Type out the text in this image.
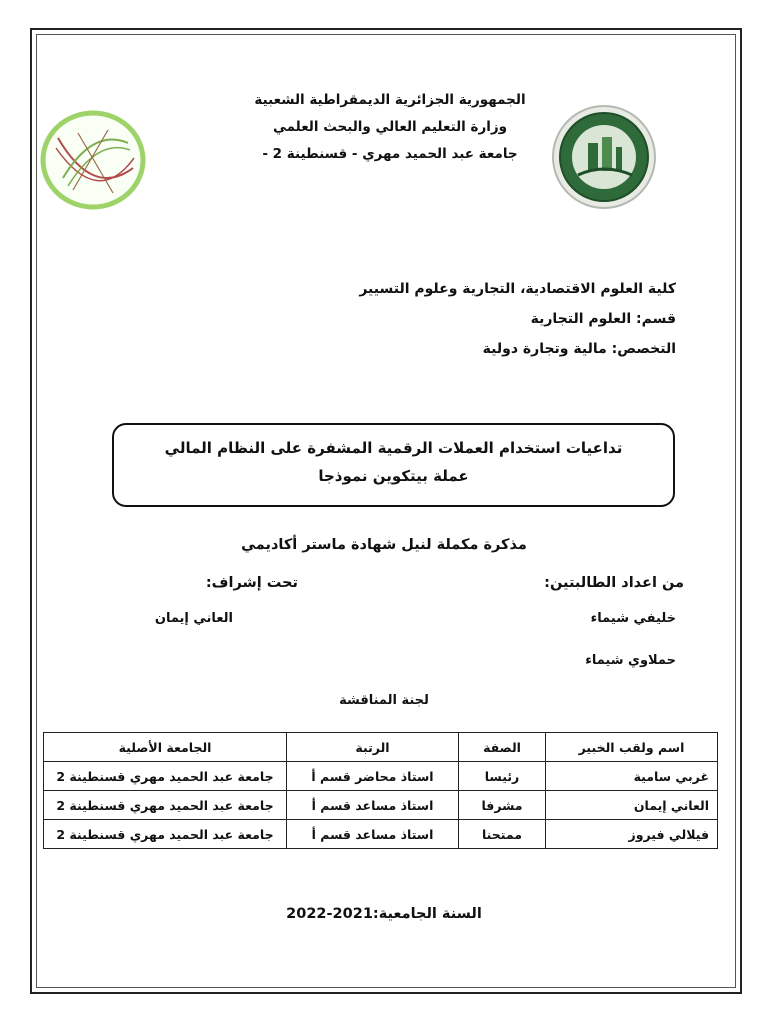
الجمهورية الجزائرية الديمقراطية الشعبية
وزارة التعليم العالي والبحث العلمي
جامعة عبد الحميد مهري - قسنطينة 2 -
كلية العلوم الاقتصادية، التجارية وعلوم التسيير
قسم: العلوم التجارية
التخصص: مالية وتجارة دولية
تداعيات استخدام العملات الرقمية المشفرة على النظام المالي
عملة بيتكوين نموذجا
مذكرة مكملة لنيل شهادة ماستر أكاديمي
من اعداد الطالبتين:
تحت إشراف:
خليفي شيماء
العاني إيمان
حملاوي شيماء
لجنة المناقشة
اسم ولقب الخبير	الصفة	الرتبة	الجامعة الأصلية
غربي سامية	رئيسا	استاذ محاضر قسم أ	جامعة عبد الحميد مهري قسنطينة 2
العاني إيمان	مشرفا	استاذ مساعد قسم أ	جامعة عبد الحميد مهري قسنطينة 2
فيلالي فيروز	ممتحنا	استاذ مساعد قسم أ	جامعة عبد الحميد مهري قسنطينة 2
السنة الجامعية:2021-2022
